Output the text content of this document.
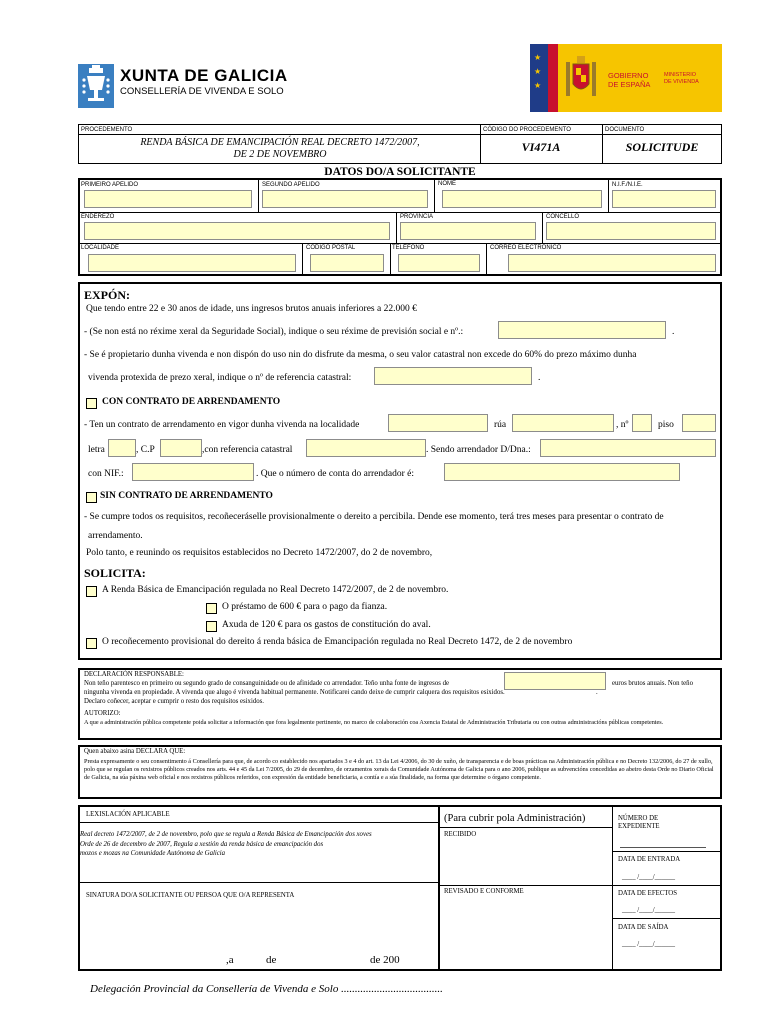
XUNTA DE GALICIA
CONSELLERÍA DE VIVENDA E SOLO
★
★
★
GOBIERNO
DE ESPAÑA
MINISTERIO
DE VIVIENDA
PROCEDEMENTO	CÓDIGO DO PROCEDEMENTO	DOCUMENTO
RENDA BÁSICA DE EMANCIPACIÓN REAL DECRETO 1472/2007,
DE 2 DE NOVEMBRO
VI471A	SOLICITUDE
DATOS DO/A SOLICITANTE
PRIMEIRO APELIDO	SEGUNDO APELIDO	NOME	N.I.F./N.I.E.
ENDEREZO	PROVINCIA	CONCELLO
LOCALIDADE	CÓDIGO POSTAL	TELÉFONO	CORREO ELECTRÓNICO
EXPÓN:
Que tendo entre 22 e 30 anos de idade, uns ingresos brutos anuais inferiores a 22.000 €
- (Se non está no réxime xeral da Seguridade Social), indique o seu réxime de previsión social e nº.:	.
- Se é propietario dunha vivenda e non dispón do uso nin do disfrute da mesma, o seu valor catastral non excede do 60% do prezo máximo dunha
vivenda protexida de prezo xeral, indique o nº de referencia catastral:	.
CON CONTRATO DE ARRENDAMENTO
- Ten un contrato de arrendamento en vigor dunha vivenda na localidade	rúa	, nº	piso
letra	, C.P	,con referencia catastral	. Sendo arrendador D/Dna.:
con NIF.:	. Que o número de conta do arrendador é:
SIN CONTRATO DE ARRENDAMENTO
- Se cumpre todos os requisitos, recoñeceráselle provisionalmente o dereito a percibila. Dende ese momento, terá tres meses para presentar o contrato de
arrendamento.
Polo tanto, e reunindo os requisitos establecidos no Decreto 1472/2007, do 2 de novembro,
SOLICITA:
A Renda Básica de Emancipación regulada no Real Decreto 1472/2007, de 2 de novembro.
O préstamo de 600 € para o pago da fianza.
Axuda de 120 € para os gastos de constitución do aval.
O recoñecemento provisional do dereito á renda básica de Emancipación regulada no Real Decreto 1472, de 2 de novembro
DECLARACIÓN RESPONSABLE:
Non teño parentesco en primeiro ou segundo grado de consanguinidade ou de afinidade co arrendador. Teño unha fonte de ingresos de	euros brutos anuais. Non teño
ningunha vivenda en propiedade. A vivenda que alugo é vivenda habitual permanente. Notificarei cando deixe de cumprir calquera dos requisitos esixidos.	.
Declaro coñecer, aceptar e cumprir o resto dos requisitos esixidos.
AUTORIZO:
A que a administración pública competente poida solicitar a información que fora legalmente pertinente, no marco de colaboración coa Axencia Estatal de Administración Tributaria ou con outras administracións públicas competentes.
Quen abaixo asina DECLARA QUE:
Presta expresamente o seu consentimento á Consellería para que, de acordo co establecido nos apartados 3 e 4 do art. 13 da Lei 4/2006, do 30 de xuño, de transparencia e de boas prácticas na Administración pública e no Decreto 132/2006, do 27 de xullo, polo que se regulan os rexistros públicos creados nos arts. 44 e 45 da Lei 7/2005, do 29 de decembro, de orzamentos xerais da Comunidade Autónoma de Galicia para o ano 2006, publique as subvencións concedidas ao abeiro desta Orde no Diario Oficial de Galicia, na súa páxina web oficial e nos rexistros públicos referidos, con expresión da entidade beneficiaria, a contía e a súa finalidade, na forma que determine o órgano competente.
LEXISLACIÓN APLICABLE
Real decreto 1472/2007, de 2 de novembro, polo que se regula a Renda Básica de Emancipación dos xoves
Orde de 26 de decembro de 2007, Regula a xestión da renda básica de emancipación dos
mozos e mozas na Comunidade Autónoma de Galicia
SINATURA DO/A SOLICITANTE OU PERSOA QUE O/A REPRESENTA
,a	de	de 200
(Para cubrir pola Administración)
RECIBIDO
REVISADO E CONFORME
NÚMERO DE
EXPEDIENTE
DATA DE ENTRADA
____ /____/______
DATA DE EFECTOS
____ /____/______
DATA DE SAÍDA
____ /____/______
Delegación Provincial da Consellería de Vivenda e Solo .....................................
